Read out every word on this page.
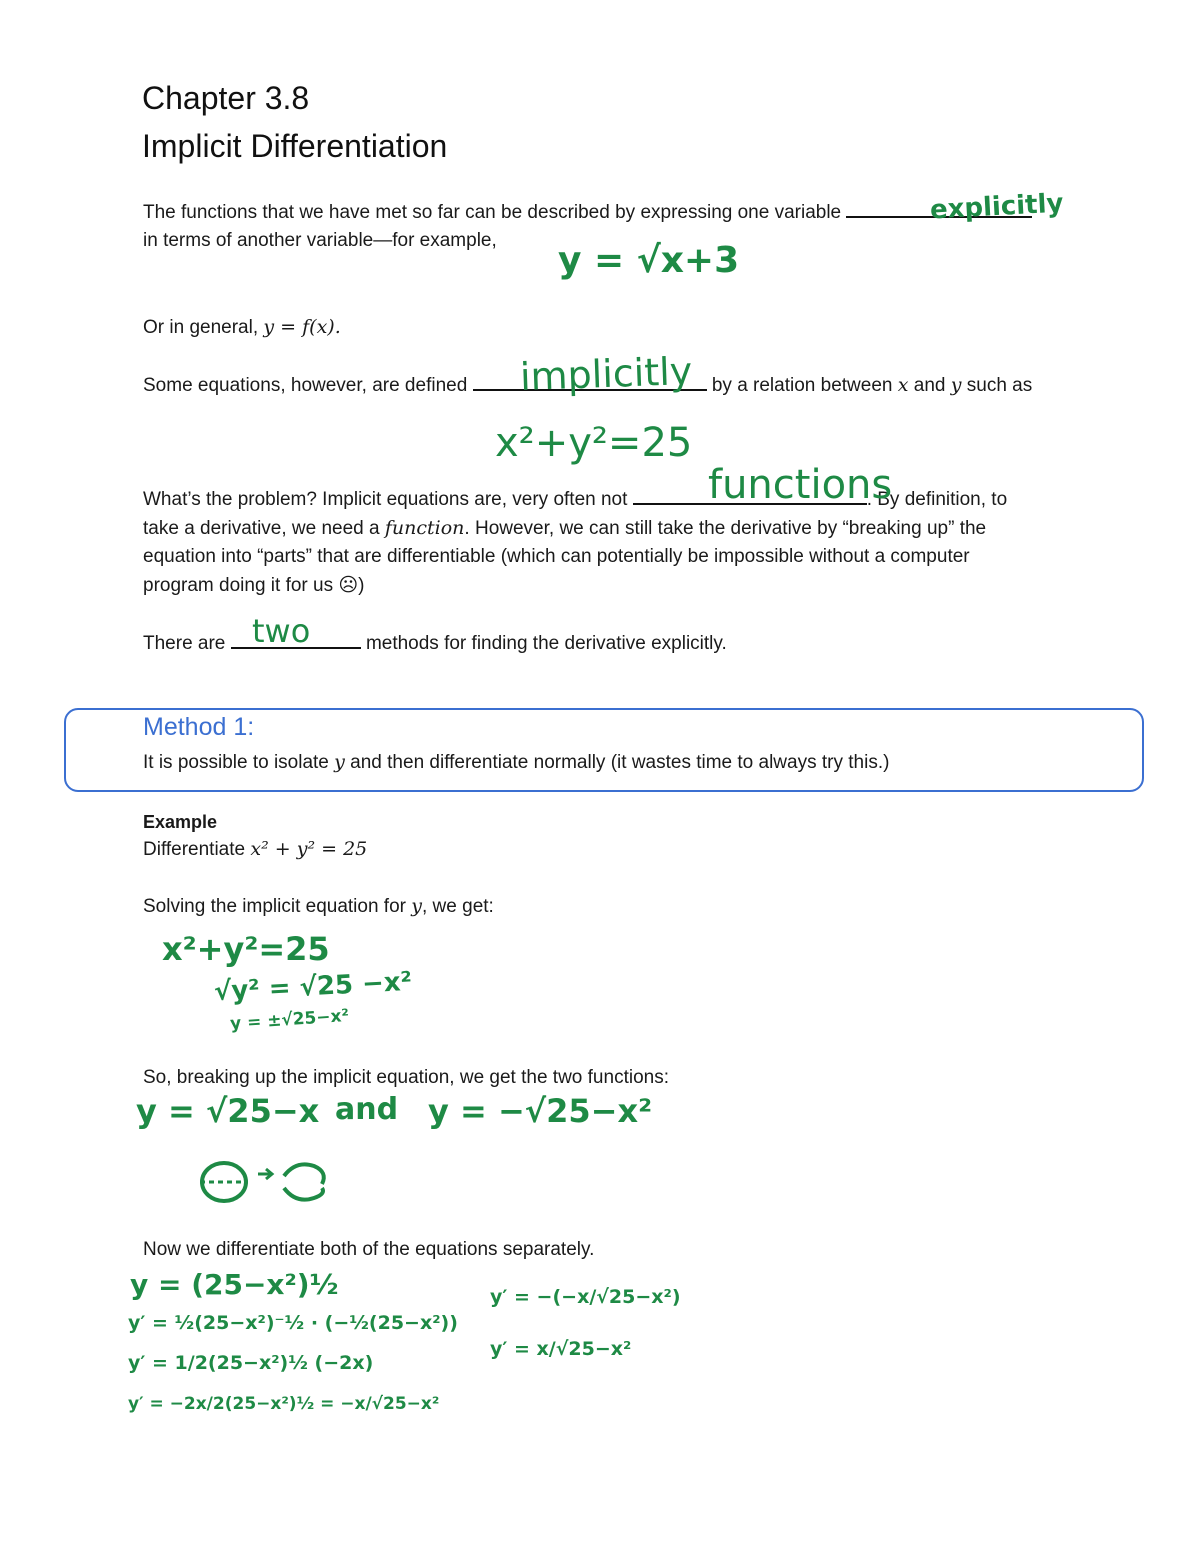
Chapter 3.8
Implicit Differentiation
The functions that we have met so far can be described by expressing one variable	explicitly
in terms of another variable—for example, y = √x+3
Or in general, y = f(x).
Some equations, however, are defined	by a relation between x and y such as
implicitly
x²+y²=25
What’s the problem? Implicit equations are, very often not	. By definition, to
functions
take a derivative, we need a function. However, we can still take the derivative by “breaking up” the
equation into “parts” that are differentiable (which can potentially be impossible without a computer
program doing it for us ☹)
There are	methods for finding the derivative explicitly.
two
Method 1:
It is possible to isolate y and then differentiate normally (it wastes time to always try this.)
Example
Differentiate x² + y² = 25
Solving the implicit equation for y, we get:
x²+y²=25
√y² = √25 −x²
y = ±√25−x²
So, breaking up the implicit equation, we get the two functions:
y = √25−x and y = −√25−x²
Now we differentiate both of the equations separately.
y = (25−x²)½
y′ = ½(25−x²)⁻½ · (−½(25−x²))
y′ = 1/2(25−x²)½ (−2x)
y′ = −2x/2(25−x²)½ = −x/√25−x²
y′ = −(−x/√25−x²)
y′ = x/√25−x²
